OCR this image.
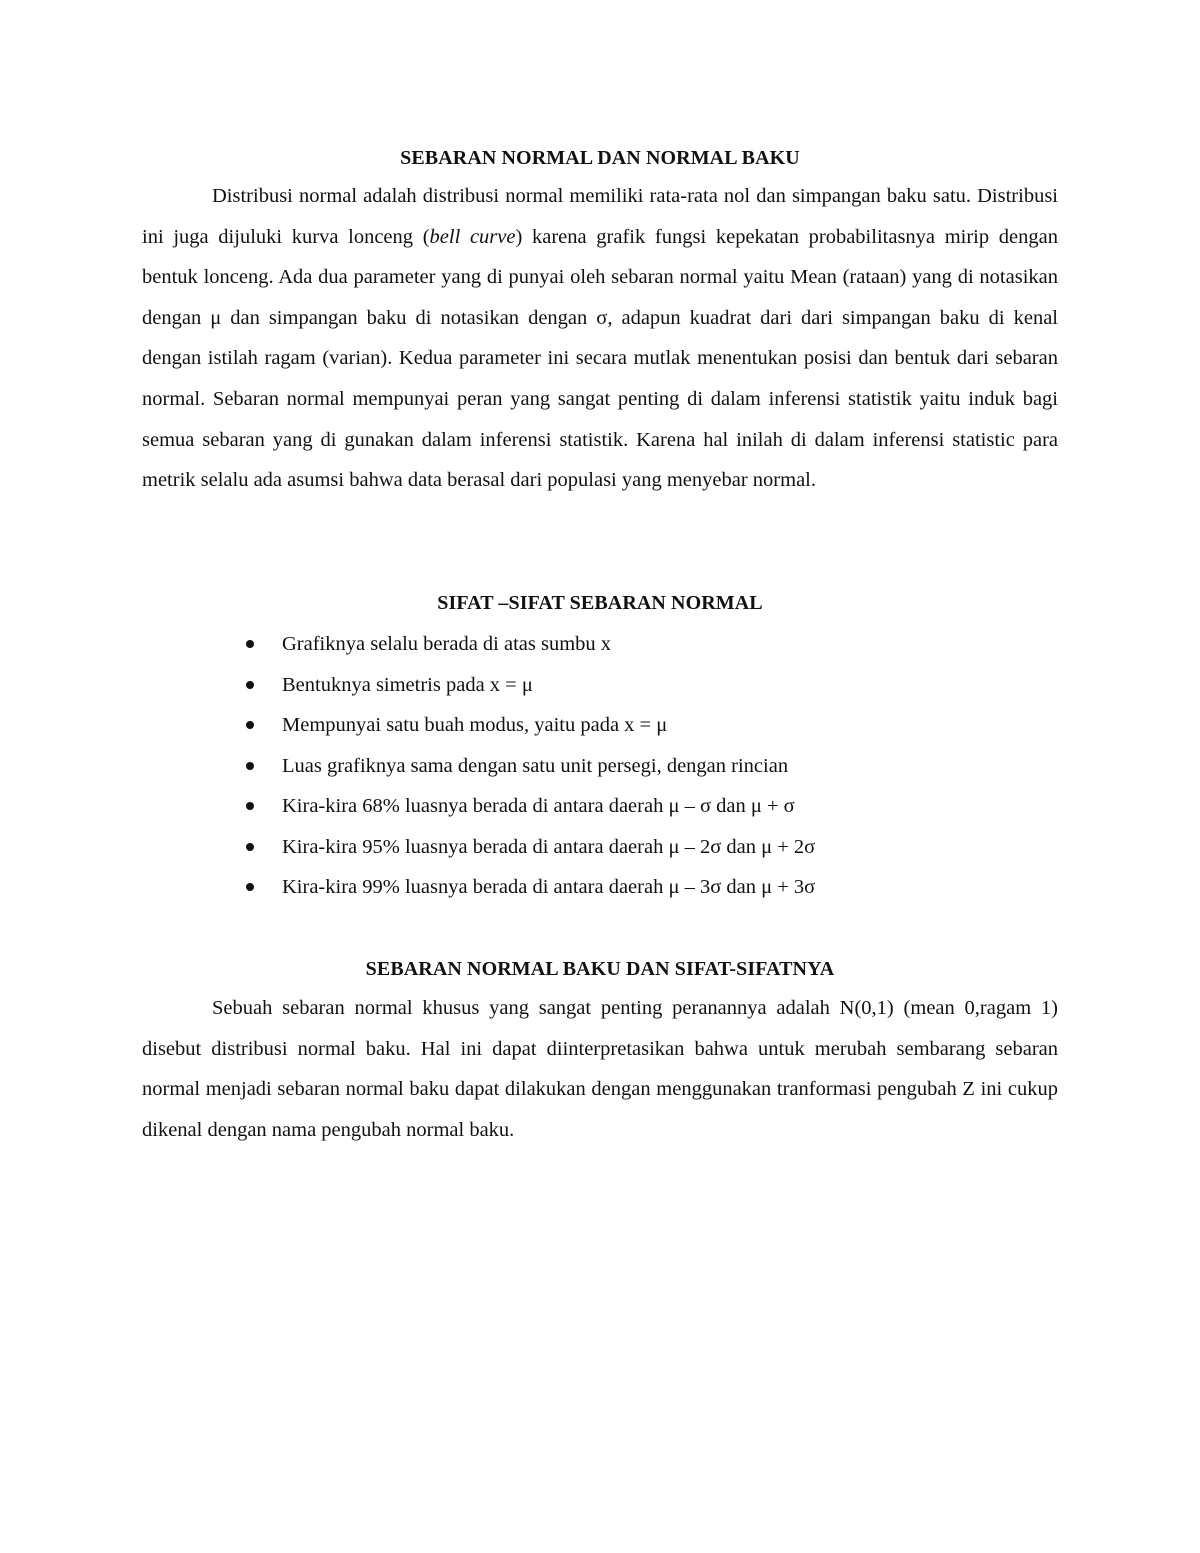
SEBARAN NORMAL DAN NORMAL BAKU

Distribusi normal adalah distribusi normal memiliki rata-rata nol dan simpangan baku satu. Distribusi ini juga dijuluki kurva lonceng (bell curve) karena grafik fungsi kepekatan probabilitasnya mirip dengan bentuk lonceng. Ada dua parameter yang di punyai oleh sebaran normal yaitu Mean (rataan) yang di notasikan dengan μ dan simpangan baku di notasikan dengan σ, adapun kuadrat dari dari simpangan baku di kenal dengan istilah ragam (varian). Kedua parameter ini secara mutlak menentukan posisi dan bentuk dari sebaran normal. Sebaran normal mempunyai peran yang sangat penting di dalam inferensi statistik yaitu induk bagi semua sebaran yang di gunakan dalam inferensi statistik. Karena hal inilah di dalam inferensi statistic para metrik selalu ada asumsi bahwa data berasal dari populasi yang menyebar normal.

SIFAT –SIFAT SEBARAN NORMAL
Grafiknya selalu berada di atas sumbu x
Bentuknya simetris pada x = μ
Mempunyai satu buah modus, yaitu pada x = μ
Luas grafiknya sama dengan satu unit persegi, dengan rincian
Kira-kira 68% luasnya berada di antara daerah μ – σ dan μ + σ
Kira-kira 95% luasnya berada di antara daerah μ – 2σ dan μ + 2σ
Kira-kira 99% luasnya berada di antara daerah μ – 3σ dan μ + 3σ
SEBARAN NORMAL BAKU DAN SIFAT-SIFATNYA

Sebuah sebaran normal khusus yang sangat penting peranannya adalah N(0,1) (mean 0,ragam 1) disebut distribusi normal baku. Hal ini dapat diinterpretasikan bahwa untuk merubah sembarang sebaran normal menjadi sebaran normal baku dapat dilakukan dengan menggunakan tranformasi pengubah Z ini cukup dikenal dengan nama pengubah normal baku.
